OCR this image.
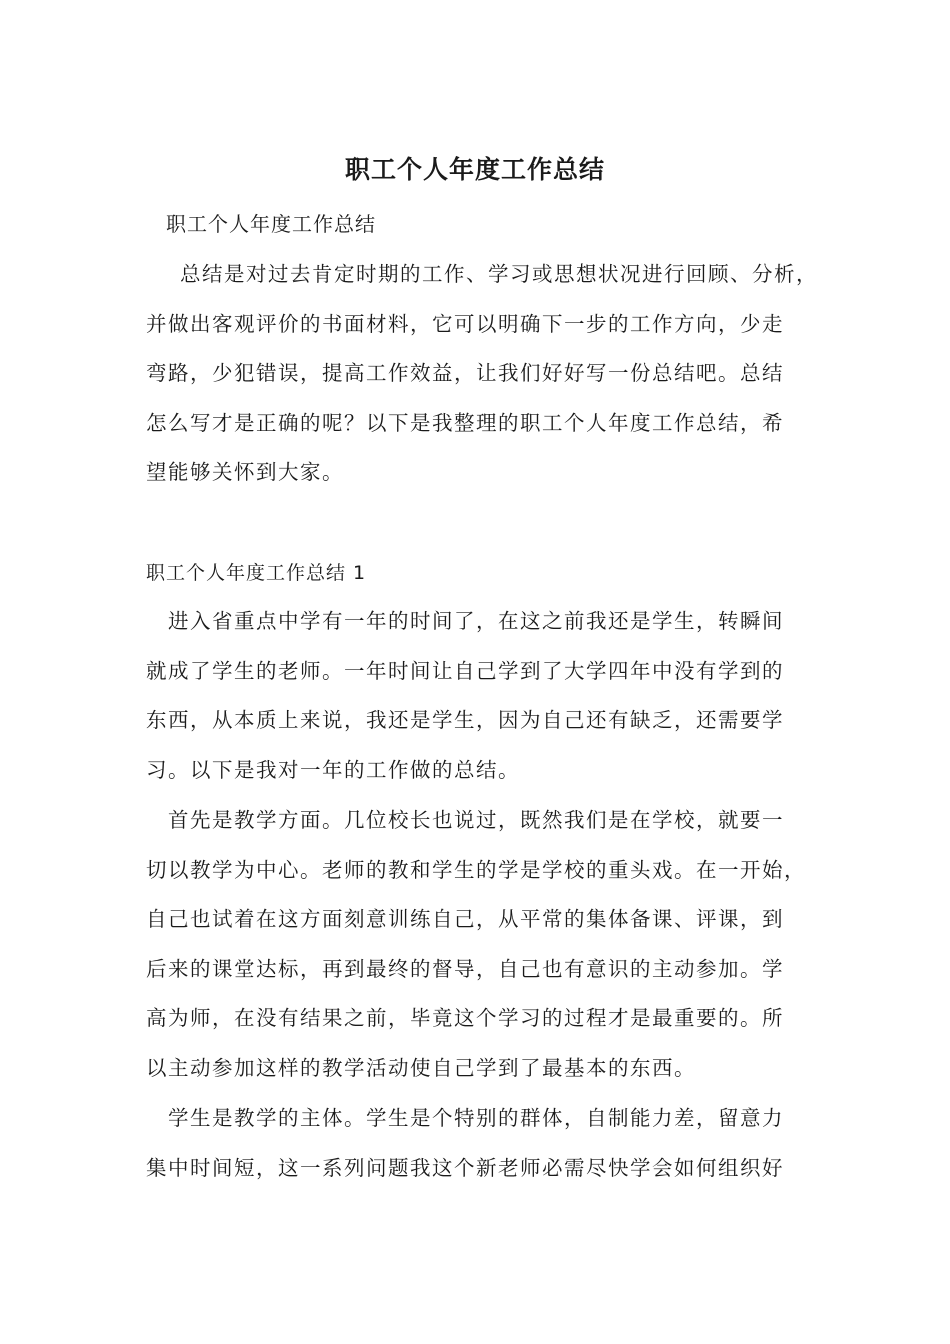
职工个人年度工作总结
职工个人年度工作总结
总结是对过去肯定时期的工作、学习或思想状况进行回顾、分析，
并做出客观评价的书面材料，它可以明确下一步的工作方向，少走
弯路，少犯错误，提高工作效益，让我们好好写一份总结吧。总结
怎么写才是正确的呢？以下是我整理的职工个人年度工作总结，希
望能够关怀到大家。
职工个人年度工作总结 1
进入省重点中学有一年的时间了，在这之前我还是学生，转瞬间
就成了学生的老师。一年时间让自己学到了大学四年中没有学到的
东西，从本质上来说，我还是学生，因为自己还有缺乏，还需要学
习。以下是我对一年的工作做的总结。
首先是教学方面。几位校长也说过，既然我们是在学校，就要一
切以教学为中心。老师的教和学生的学是学校的重头戏。在一开始，
自己也试着在这方面刻意训练自己，从平常的集体备课、评课，到
后来的课堂达标，再到最终的督导，自己也有意识的主动参加。学
高为师，在没有结果之前，毕竟这个学习的过程才是最重要的。所
以主动参加这样的教学活动使自己学到了最基本的东西。
学生是教学的主体。学生是个特别的群体，自制能力差，留意力
集中时间短，这一系列问题我这个新老师必需尽快学会如何组织好
